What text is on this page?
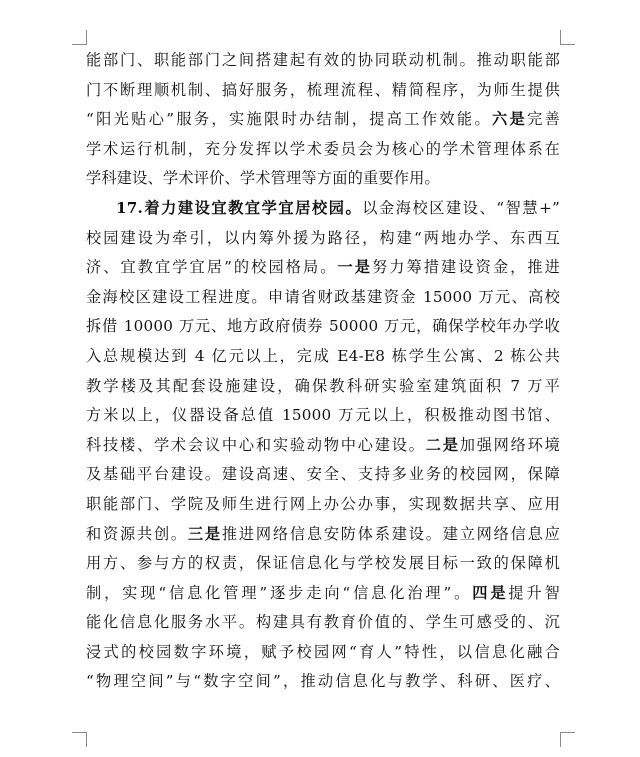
能部门、职能部门之间搭建起有效的协同联动机制。推动职能部
门不断理顺机制、搞好服务，梳理流程、精简程序，为师生提供
“阳光贴心”服务，实施限时办结制，提高工作效能。六是完善
学术运行机制，充分发挥以学术委员会为核心的学术管理体系在
学科建设、学术评价、学术管理等方面的重要作用。
17.着力建设宜教宜学宜居校园。以金海校区建设、“智慧+”
校园建设为牵引，以内筹外援为路径，构建“两地办学、东西互
济、宜教宜学宜居”的校园格局。一是努力筹措建设资金，推进
金海校区建设工程进度。申请省财政基建资金 15000 万元、高校
拆借 10000 万元、地方政府债券 50000 万元，确保学校年办学收
入总规模达到 4 亿元以上，完成 E4-E8 栋学生公寓、2 栋公共
教学楼及其配套设施建设，确保教科研实验室建筑面积 7 万平
方米以上，仪器设备总值 15000 万元以上，积极推动图书馆、
科技楼、学术会议中心和实验动物中心建设。二是加强网络环境
及基础平台建设。建设高速、安全、支持多业务的校园网，保障
职能部门、学院及师生进行网上办公办事，实现数据共享、应用
和资源共创。三是推进网络信息安防体系建设。建立网络信息应
用方、参与方的权责，保证信息化与学校发展目标一致的保障机
制，实现“信息化管理”逐步走向“信息化治理”。四是提升智
能化信息化服务水平。构建具有教育价值的、学生可感受的、沉
浸式的校园数字环境，赋予校园网“育人”特性，以信息化融合
“物理空间”与“数字空间”，推动信息化与教学、科研、医疗、
